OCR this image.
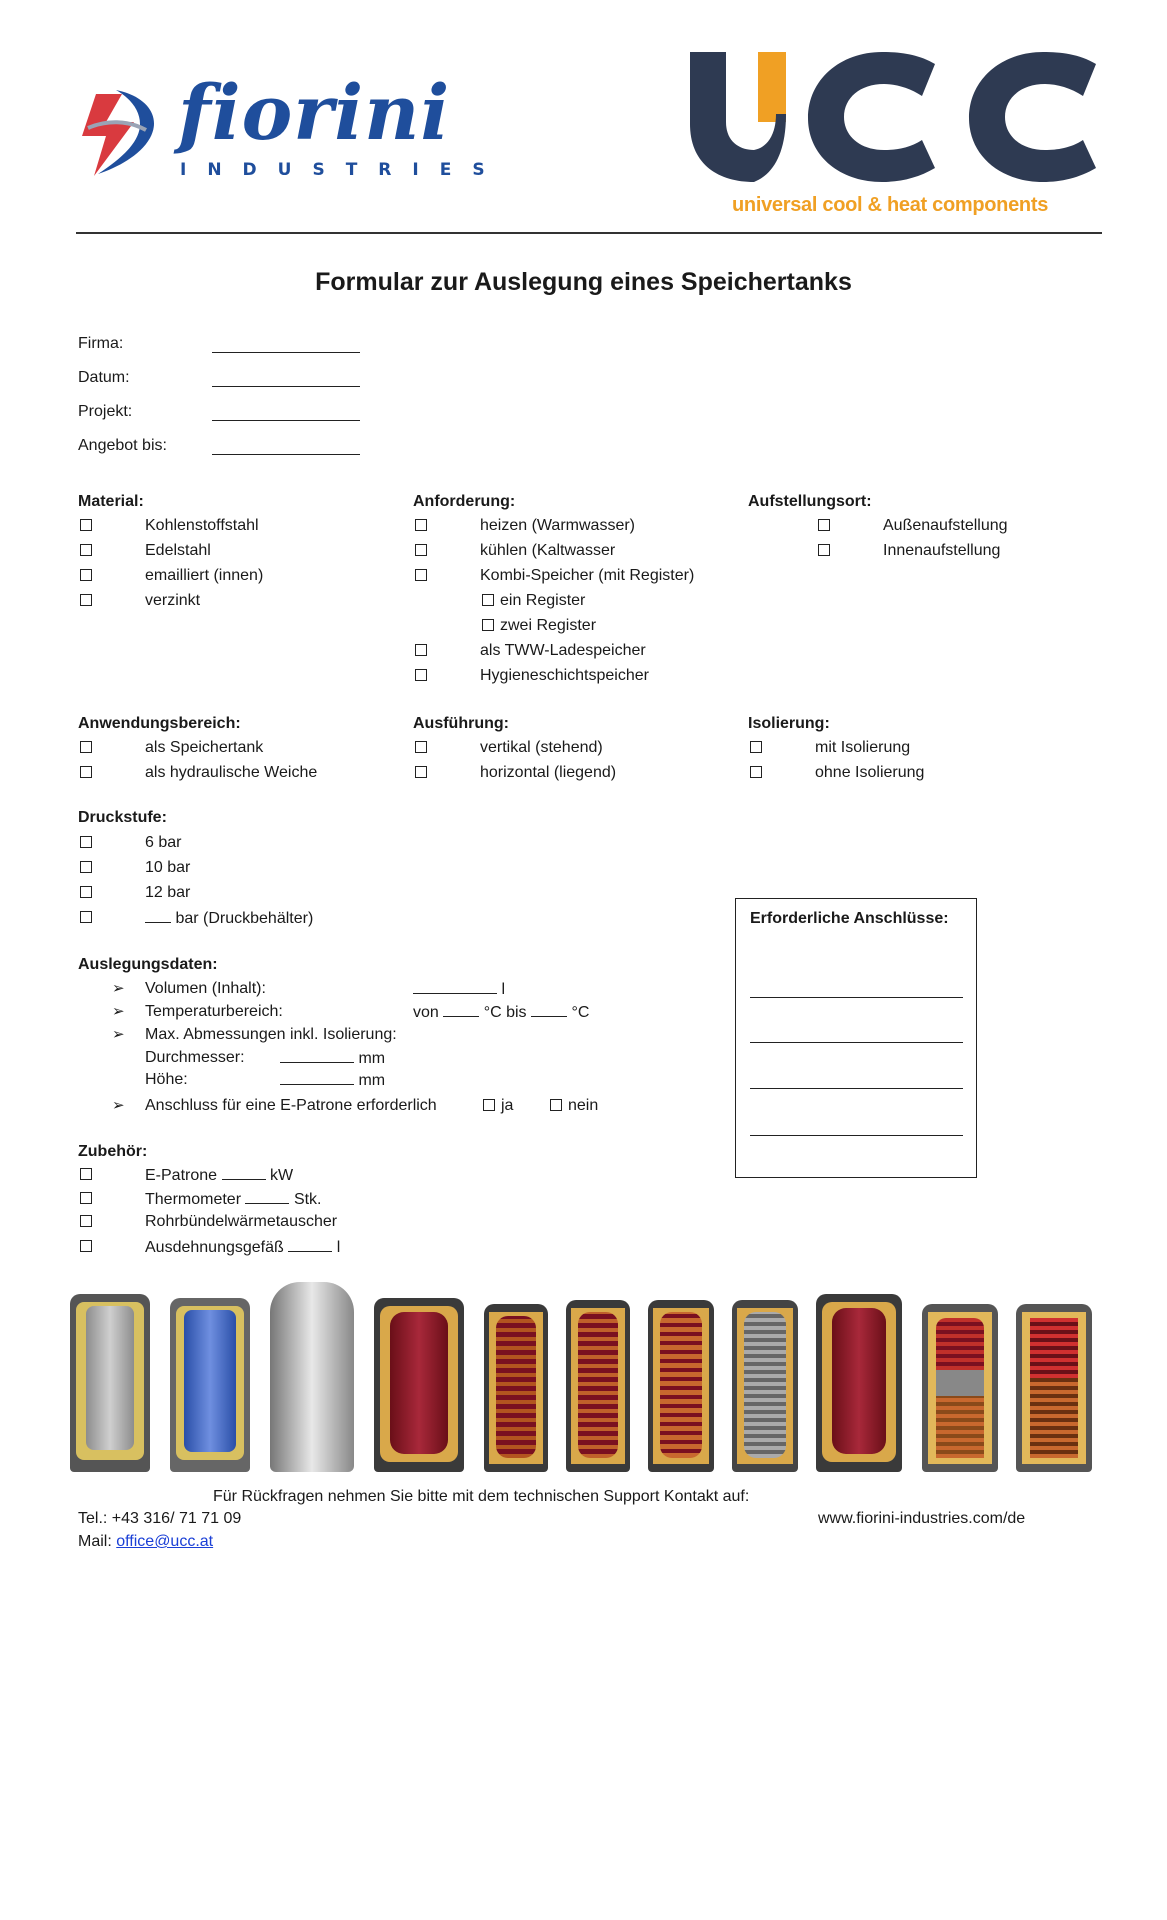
fiorini
INDUSTRIES
universal cool & heat components
Formular zur Auslegung eines Speichertanks
Firma:
Datum:
Projekt:
Angebot bis:
Material:
Kohlenstoffstahl
Edelstahl
emailliert (innen)
verzinkt
Anforderung:
heizen (Warmwasser)
kühlen (Kaltwasser
Kombi-Speicher (mit Register)
ein Register
zwei Register
als TWW-Ladespeicher
Hygieneschichtspeicher
Aufstellungsort:
Außenaufstellung
Innenaufstellung
Anwendungsbereich:
als Speichertank
als hydraulische Weiche
Ausführung:
vertikal (stehend)
horizontal (liegend)
Isolierung:
mit Isolierung
ohne Isolierung
Druckstufe:
6 bar
10 bar
12 bar
bar (Druckbehälter)	Erforderliche Anschlüsse:
Auslegungsdaten:
➢ Volumen (Inhalt):	l
➢ Temperaturbereich:	von	°C bis	°C
➢ Max. Abmessungen inkl. Isolierung:
Durchmesser:	mm
Höhe:	mm
➢ Anschluss für eine E-Patrone erforderlich	ja	nein
Zubehör:
E-Patrone	kW
Thermometer	Stk.
Rohrbündelwärmetauscher
Ausdehnungsgefäß	l
Für Rückfragen nehmen Sie bitte mit dem technischen Support Kontakt auf:
Tel.: +43 316/ 71 71 09	www.fiorini-industries.com/de
Mail: office@ucc.at
